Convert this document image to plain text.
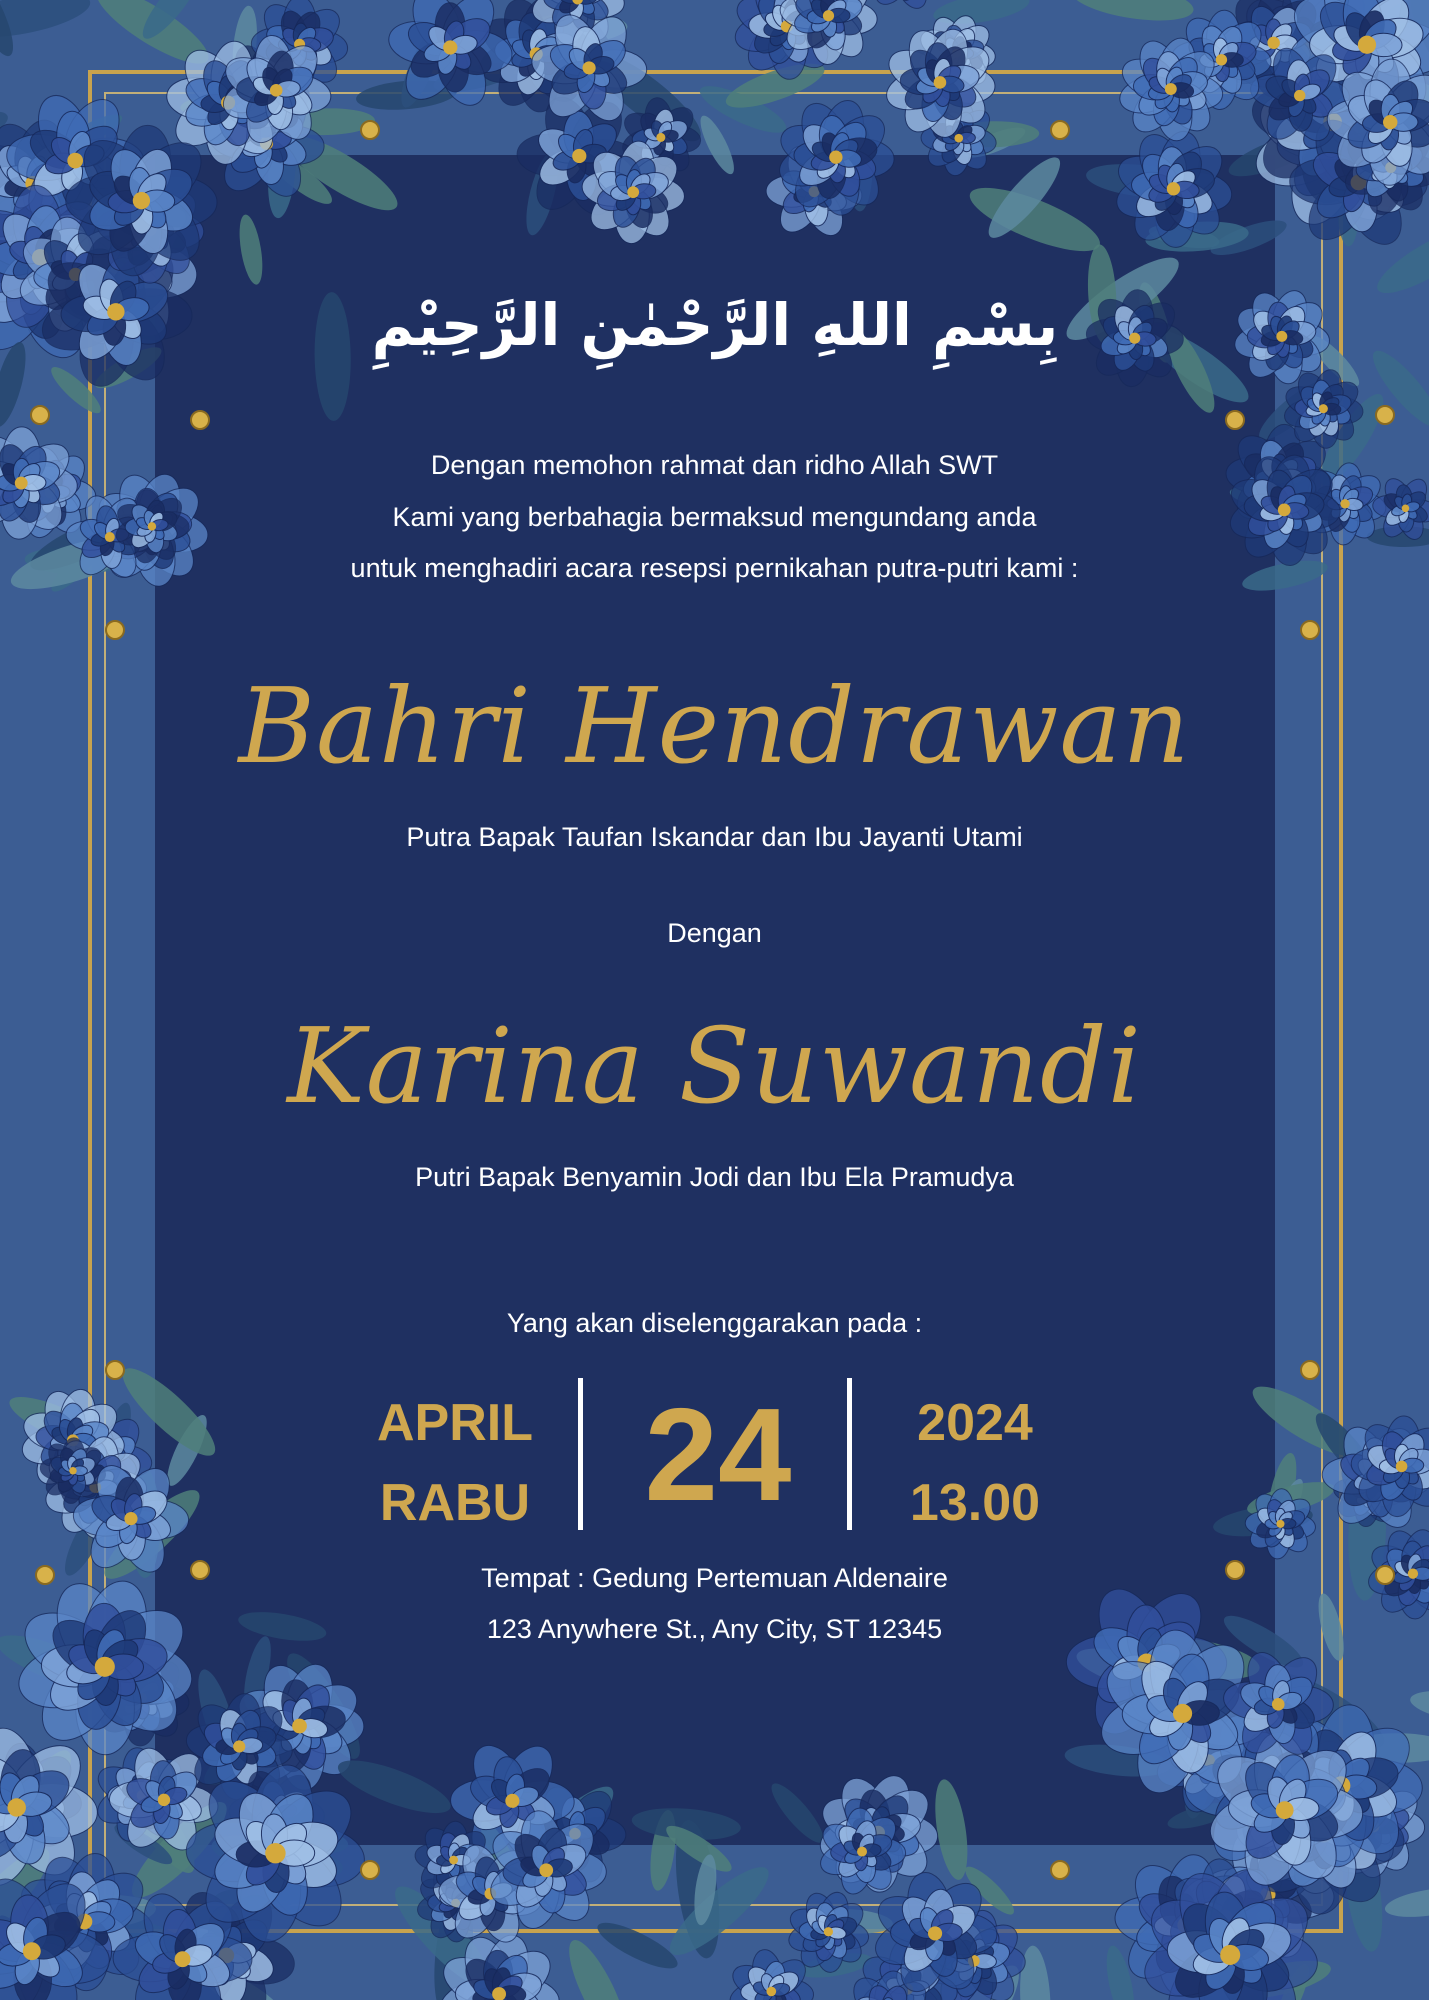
بِسْمِ اللهِ الرَّحْمٰنِ الرَّحِيْمِ
Dengan memohon rahmat dan ridho Allah SWT
Kami yang berbahagia bermaksud mengundang anda
untuk menghadiri acara resepsi pernikahan putra-putri kami :
Bahri Hendrawan
Putra Bapak Taufan Iskandar dan Ibu Jayanti Utami
Dengan
Karina Suwandi
Putri Bapak Benyamin Jodi dan Ibu Ela Pramudya
Yang akan diselenggarakan pada :
APRIL
RABU 24	2024
13.00
Tempat : Gedung Pertemuan Aldenaire
123 Anywhere St., Any City, ST 12345
